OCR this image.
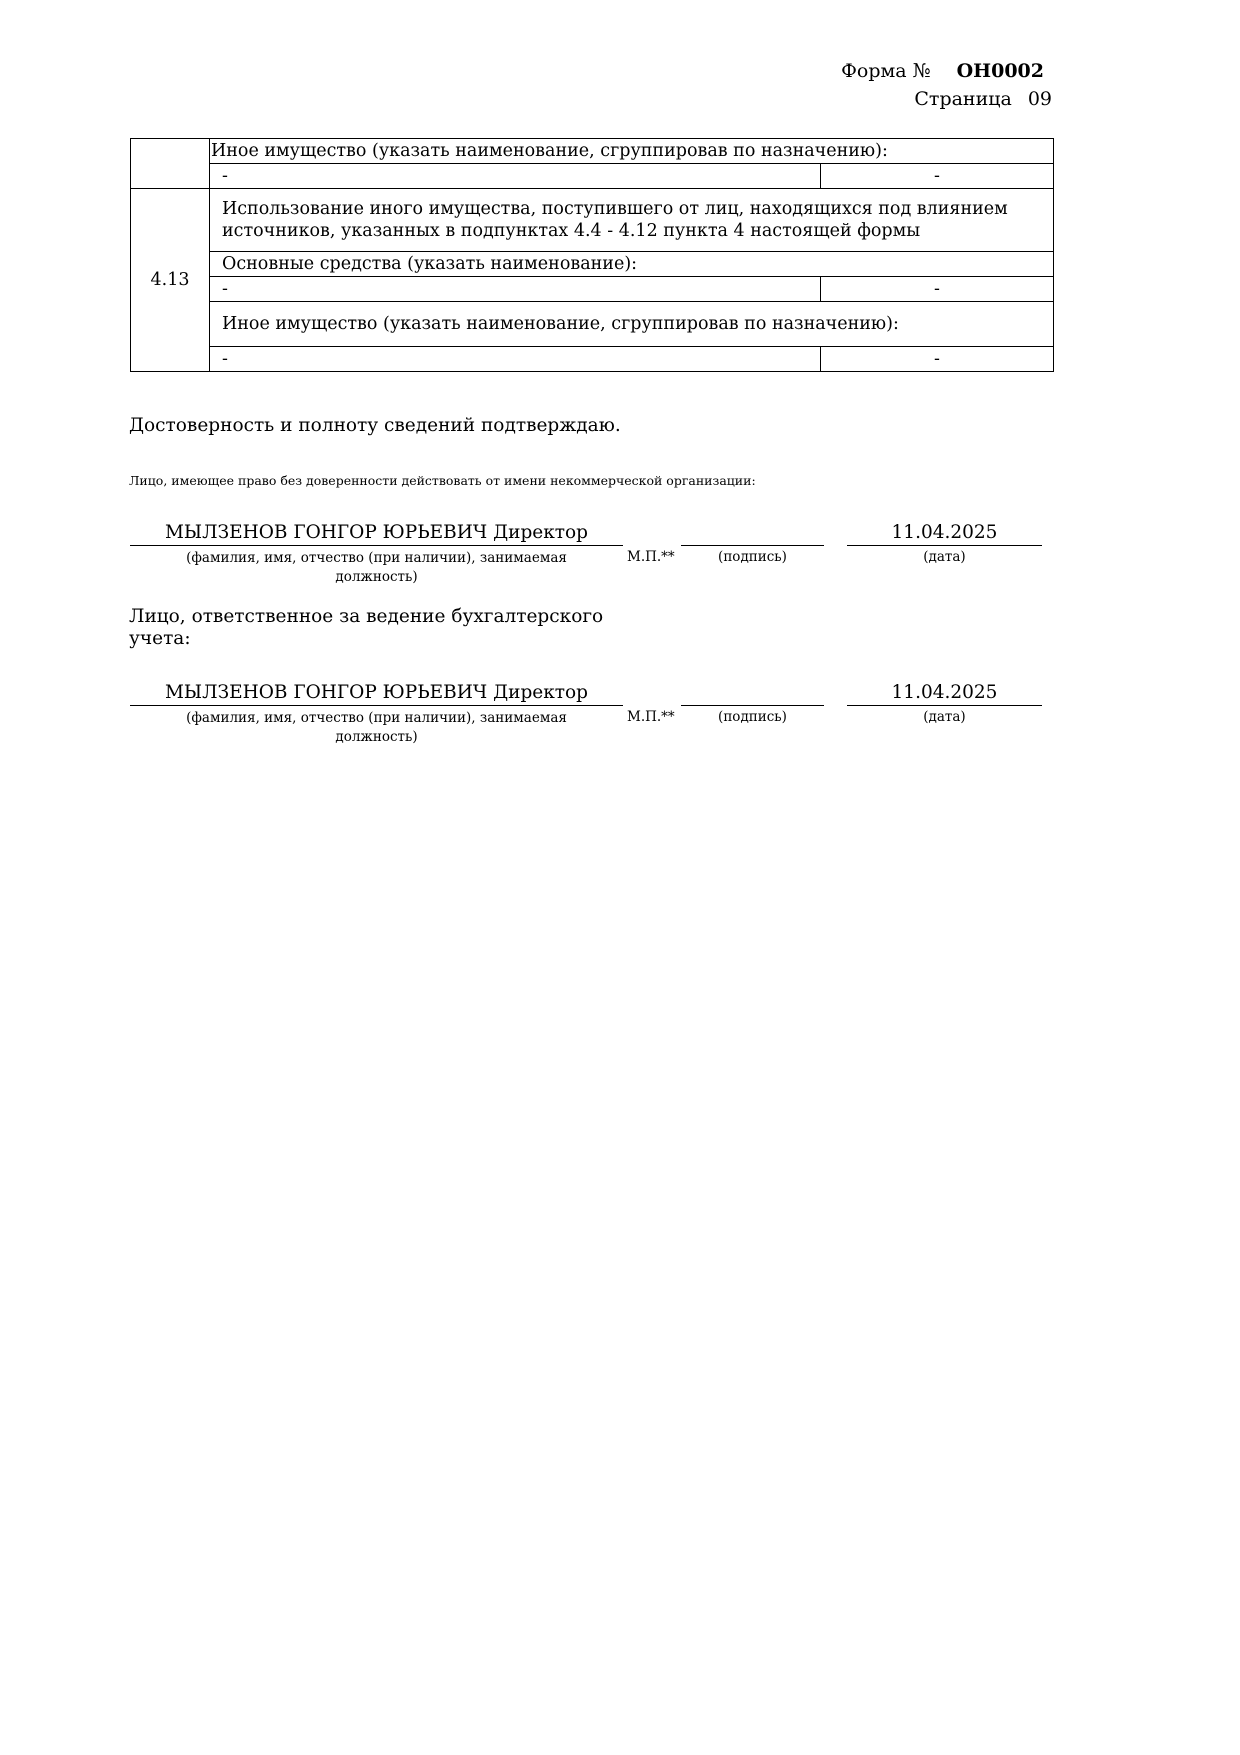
Форма № ОН0002
Страница 09
	Иное имущество (указать наименование, сгруппировав по назначению):	
	-	-
4.13	Использование иного имущества, поступившего от лиц, находящихся под влиянием источников, указанных в подпунктах 4.4 - 4.12 пункта 4 настоящей формы	
	Основные средства (указать наименование):	
	-	-
	Иное имущество (указать наименование, сгруппировав по назначению):	
	-	-
Достоверность и полноту сведений подтверждаю.
Лицо, имеющее право без доверенности действовать от имени некоммерческой организации:
МЫЛЗЕНОВ ГОНГОР ЮРЬЕВИЧ Директор
(фамилия, имя, отчество (при наличии), занимаемая должность)
М.П.**	(подпись)
11.04.2025
(дата)
Лицо, ответственное за ведение бухгалтерского учета:
МЫЛЗЕНОВ ГОНГОР ЮРЬЕВИЧ Директор
(фамилия, имя, отчество (при наличии), занимаемая должность)
М.П.**	(подпись)
11.04.2025
(дата)
